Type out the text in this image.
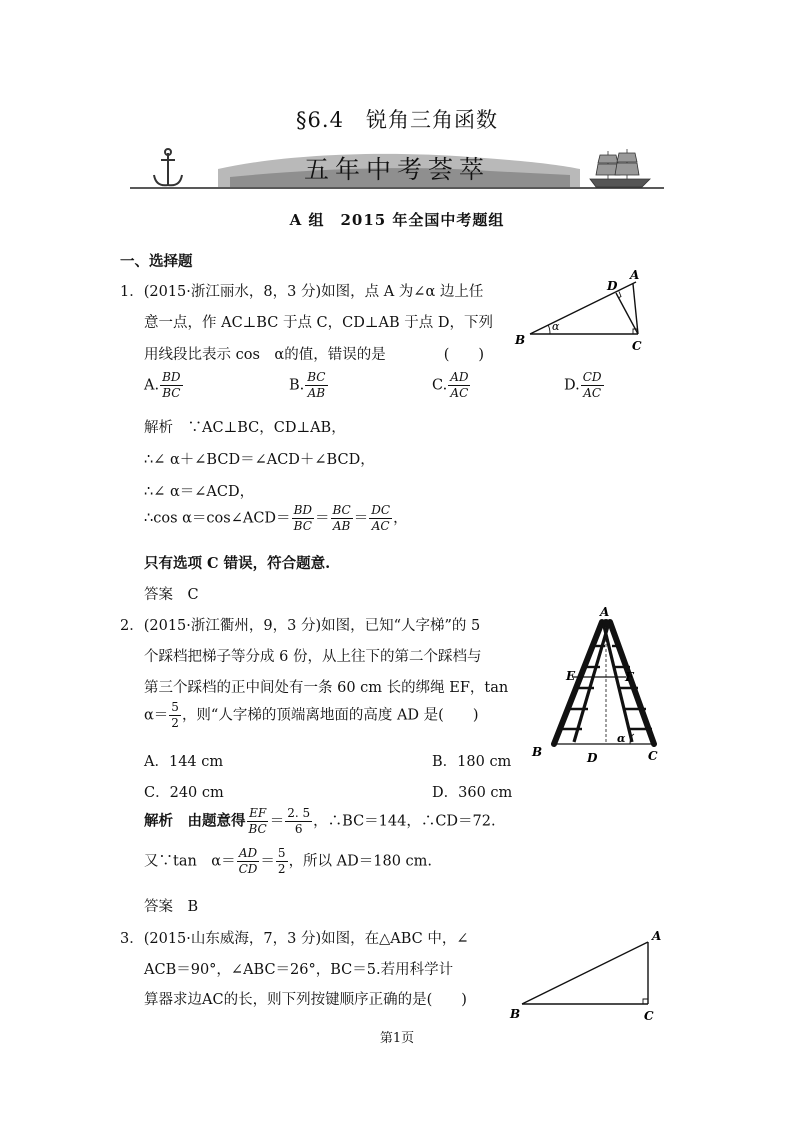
§6.4　锐角三角函数
五年中考荟萃
A 组　2015 年全国中考题组
一、选择题
1．(2015·浙江丽水，8，3 分)如图，点 A 为∠α 边上任
意一点，作 AC⊥BC 于点 C，CD⊥AB 于点 D，下列
用线段比表示 cos　α的值，错误的是　　　　(　　)
A. $\frac{BD}{BC}$	B. $\frac{BC}{AB}$	C. $\frac{AD}{AC}$	D. $\frac{CD}{AC}$
解析　∵AC⊥BC，CD⊥AB，
∴∠ α＋∠BCD＝∠ACD＋∠BCD，
∴∠ α＝∠ACD，
∴cos α＝cos∠ACD＝ $\frac{BD}{BC} = \frac{BC}{AB} = \frac{DC}{AC}$ ，
只有选项 C 错误，符合题意.
答案　C
α
B	C
A
D
2．(2015·浙江衢州，9，3 分)如图，已知“人字梯”的 5
个踩档把梯子等分成 6 份，从上往下的第二个踩档与
第三个踩档的正中间处有一条 60 cm 长的绑绳 EF，tan
$\alpha= \frac{5}{2}$ ，则“人字梯的顶端离地面的高度 AD 是(　　)
A．144 cm	B．180 cm
C．240 cm	D．360 cm
解析　由题意得 $\frac{EF}{BC} = \frac{2. 5}{6}$ ，∴BC＝144，∴CD＝72.
又∵tan　$\alpha= \frac{AD}{CD} = \frac{5}{2}$ ，所以 AD＝180 cm.
答案　B
A
E	F
B	D	C
α
3．(2015·山东威海，7，3 分)如图，在△ABC 中，∠
ACB＝90°，∠ABC＝26°，BC＝5.若用科学计
算器求边AC的长，则下列按键顺序正确的是(　　)
A
B	C
第1页
